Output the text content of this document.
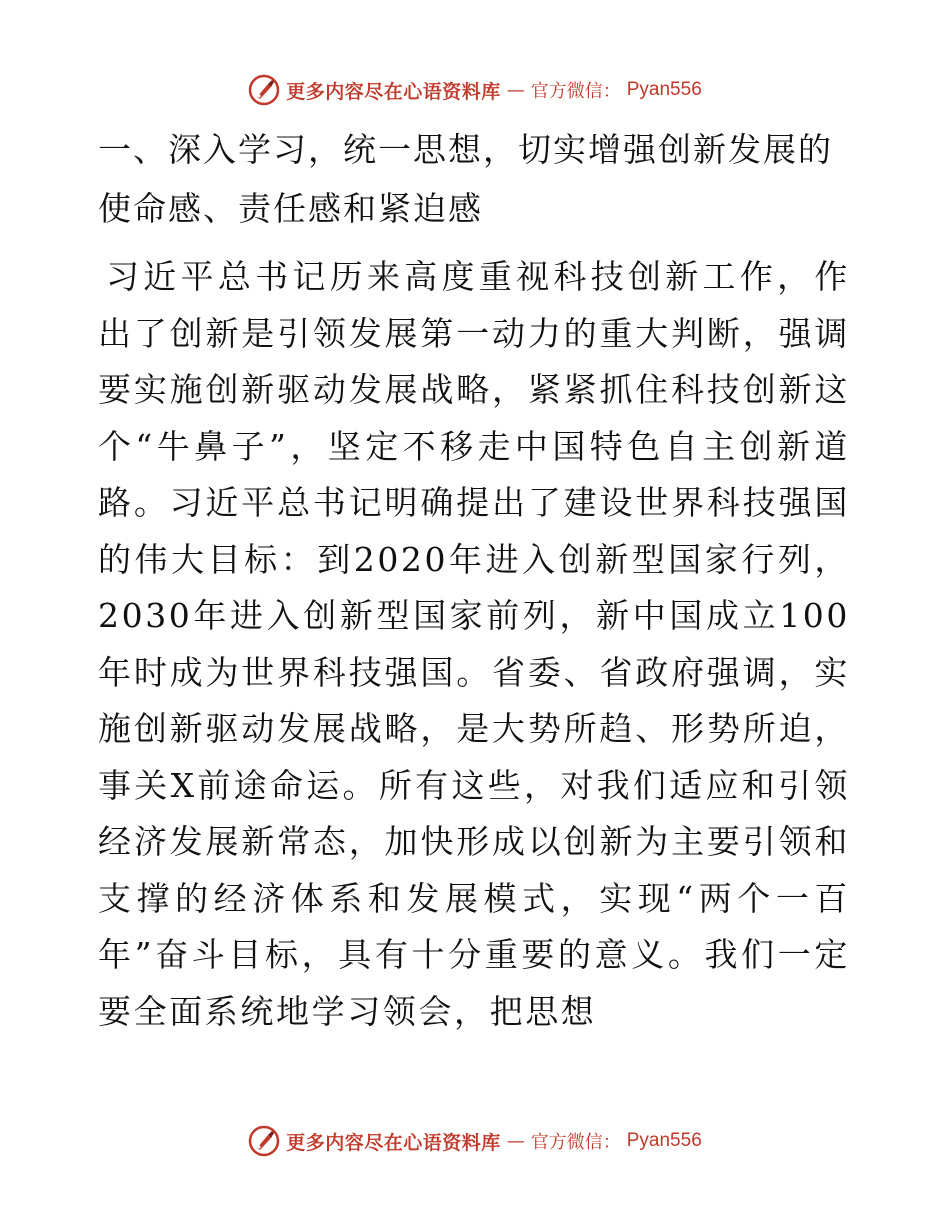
更多内容尽在心语资料库 — 官方微信： Pyan556
一、深入学习，统一思想，切实增强创新发展的使命感、责任感和紧迫感

习近平总书记历来高度重视科技创新工作，作出了创新是引领发展第一动力的重大判断，强调要实施创新驱动发展战略，紧紧抓住科技创新这个“牛鼻子”，坚定不移走中国特色自主创新道路。习近平总书记明确提出了建设世界科技强国的伟大目标：到2020年进入创新型国家行列，2030年进入创新型国家前列，新中国成立100年时成为世界科技强国。省委、省政府强调，实施创新驱动发展战略，是大势所趋、形势所迫，事关X前途命运。所有这些，对我们适应和引领经济发展新常态，加快形成以创新为主要引领和支撑的经济体系和发展模式，实现“两个一百年”奋斗目标，具有十分重要的意义。我们一定要全面系统地学习领会，把思想

更多内容尽在心语资料库 — 官方微信： Pyan556
